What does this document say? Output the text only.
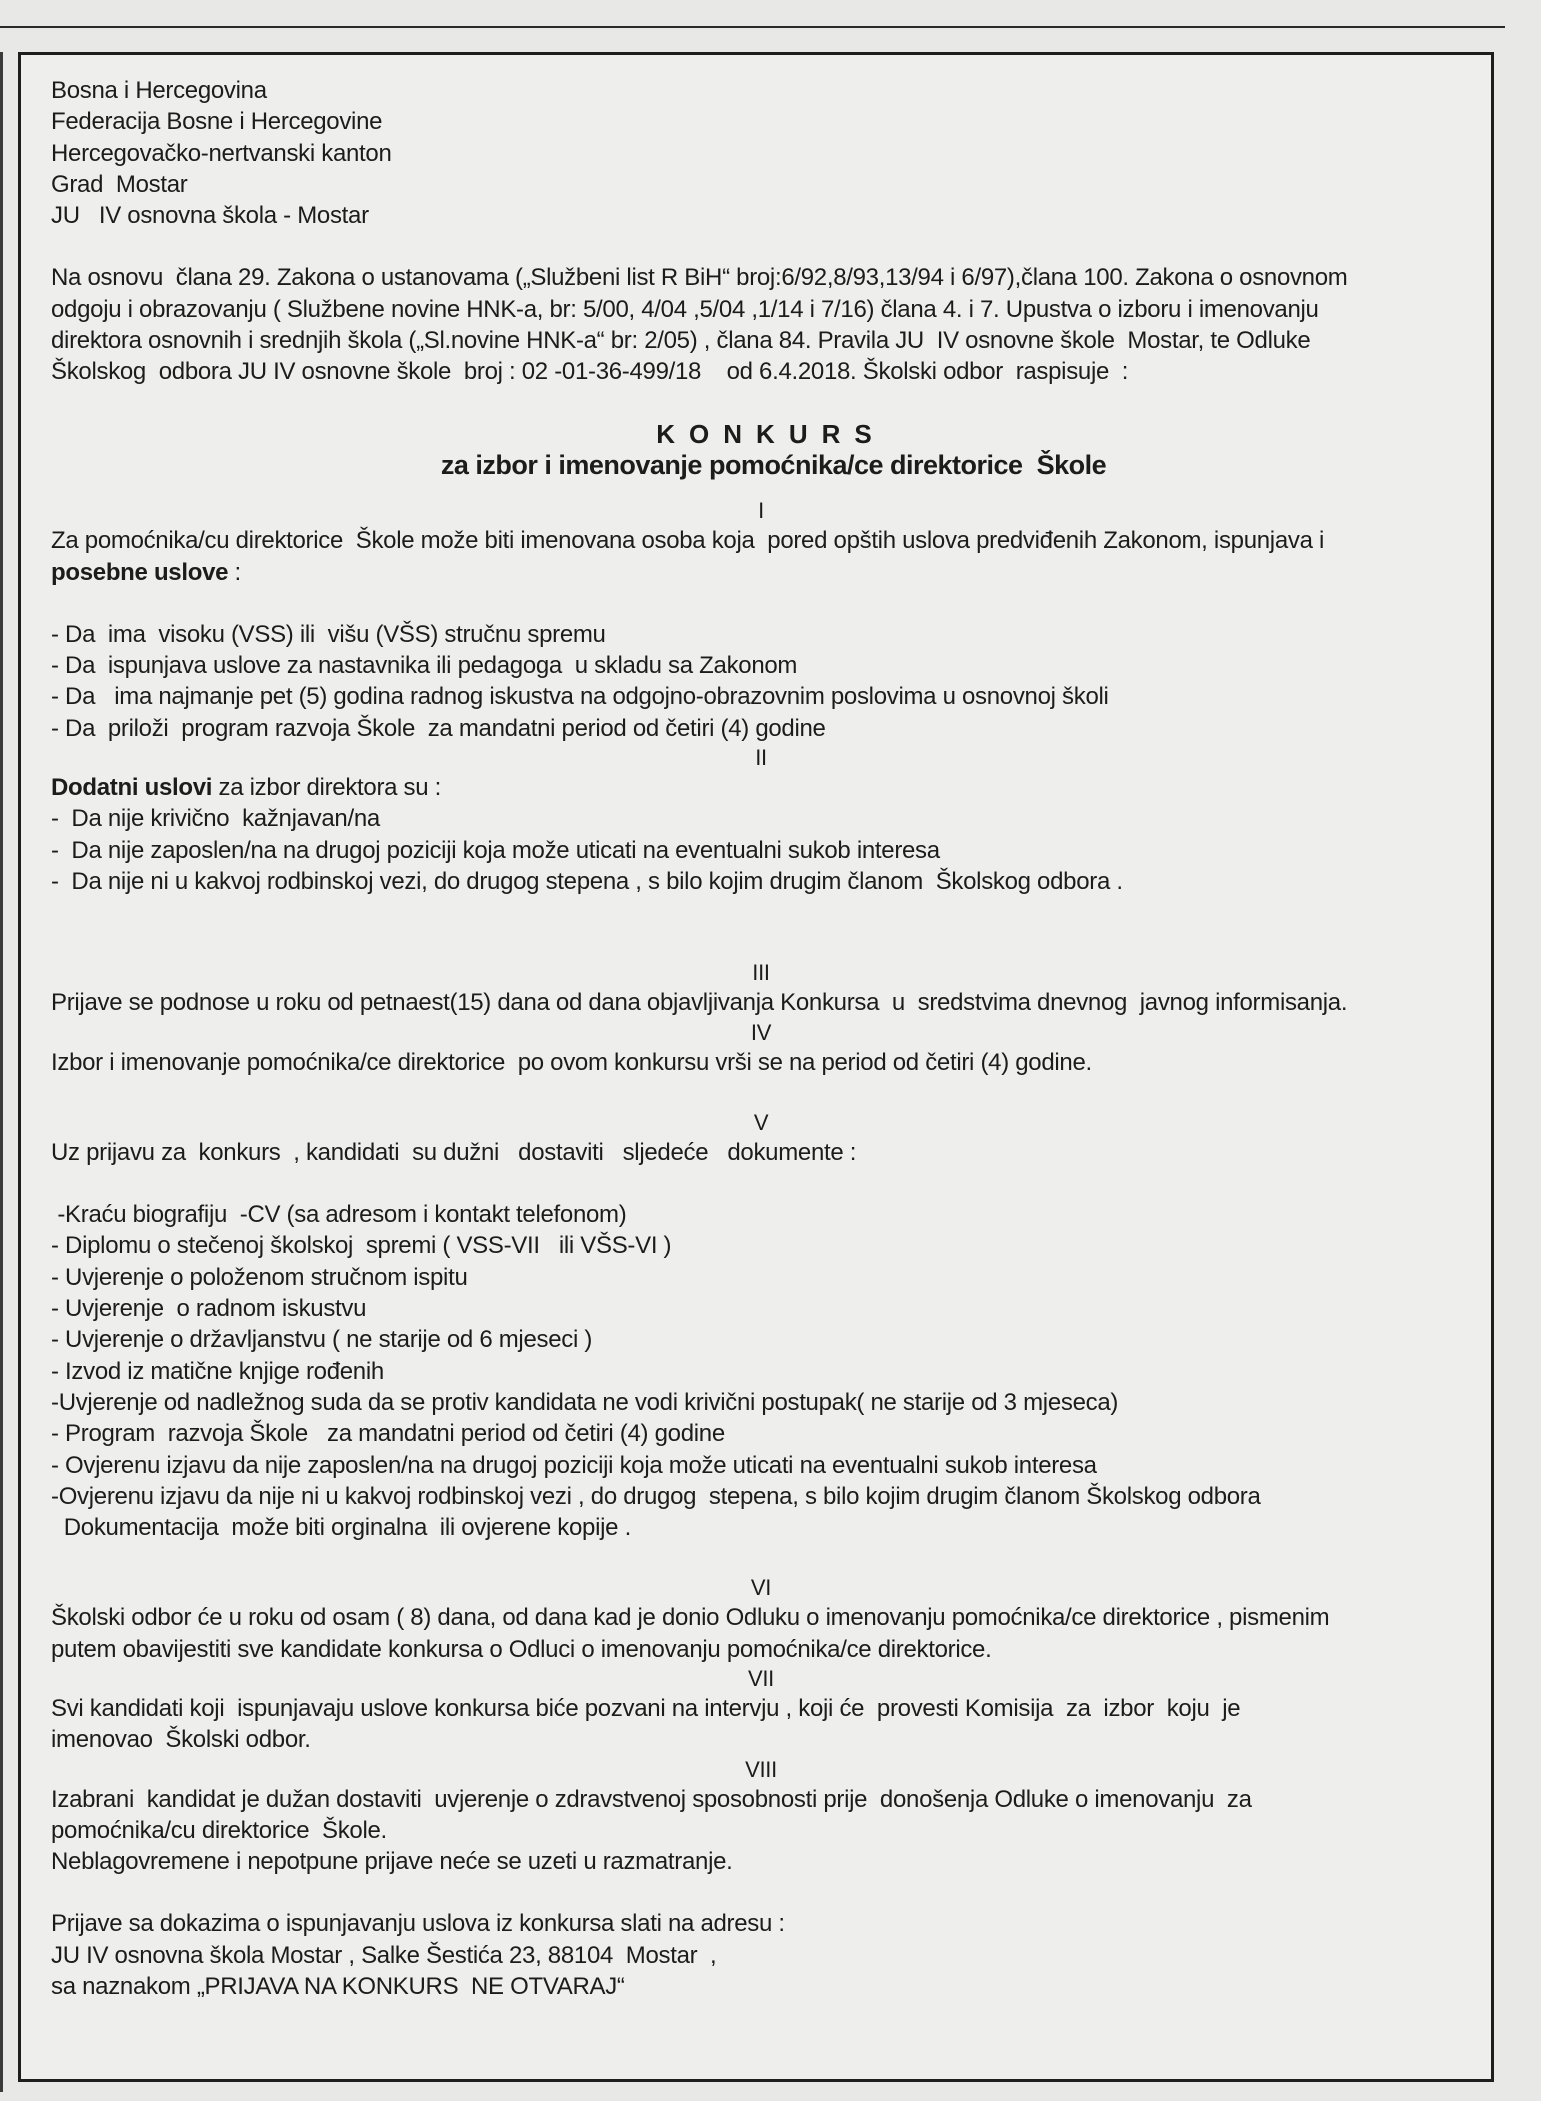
Bosna i Hercegovina

Federacija Bosne i Hercegovine

Hercegovačko-nertvanski kanton

Grad  Mostar

JU   IV osnovna škola - Mostar

Na osnovu  člana 29. Zakona o ustanovama („Službeni list R BiH“ broj:6/92,8/93,13/94 i 6/97),člana 100. Zakona o osnovnom

odgoju i obrazovanju ( Službene novine HNK-a, br: 5/00, 4/04 ,5/04 ,1/14 i 7/16) člana 4. i 7. Upustva o izboru i imenovanju

direktora osnovnih i srednjih škola („Sl.novine HNK-a“ br: 2/05) , člana 84. Pravila JU  IV osnovne škole  Mostar, te Odluke

Školskog  odbora JU IV osnovne škole  broj : 02 -01-36-499/18    od 6.4.2018. Školski odbor  raspisuje  :

KONKURS

za izbor i imenovanje pomoćnika/ce direktorice  Škole

I

Za pomoćnika/cu direktorice  Škole može biti imenovana osoba koja  pored opštih uslova predviđenih Zakonom, ispunjava i

posebne uslove :

- Da  ima  visoku (VSS) ili  višu (VŠS) stručnu spremu

- Da  ispunjava uslove za nastavnika ili pedagoga  u skladu sa Zakonom

- Da   ima najmanje pet (5) godina radnog iskustva na odgojno-obrazovnim poslovima u osnovnoj školi

- Da  priloži  program razvoja Škole  za mandatni period od četiri (4) godine

II

Dodatni uslovi za izbor direktora su :

-  Da nije krivično  kažnjavan/na

-  Da nije zaposlen/na na drugoj poziciji koja može uticati na eventualni sukob interesa

-  Da nije ni u kakvoj rodbinskoj vezi, do drugog stepena , s bilo kojim drugim članom  Školskog odbora .

III

Prijave se podnose u roku od petnaest(15) dana od dana objavljivanja Konkursa  u  sredstvima dnevnog  javnog informisanja.

IV

Izbor i imenovanje pomoćnika/ce direktorice  po ovom konkursu vrši se na period od četiri (4) godine.

V

Uz prijavu za  konkurs  , kandidati  su dužni   dostaviti   sljedeće   dokumente :

-Kraću biografiju  -CV (sa adresom i kontakt telefonom)

- Diplomu o stečenoj školskoj  spremi ( VSS-VII   ili VŠS-VI )

- Uvjerenje o položenom stručnom ispitu

- Uvjerenje  o radnom iskustvu

- Uvjerenje o državljanstvu ( ne starije od 6 mjeseci )

- Izvod iz matične knjige rođenih

-Uvjerenje od nadležnog suda da se protiv kandidata ne vodi krivični postupak( ne starije od 3 mjeseca)

- Program  razvoja Škole   za mandatni period od četiri (4) godine

- Ovjerenu izjavu da nije zaposlen/na na drugoj poziciji koja može uticati na eventualni sukob interesa

-Ovjerenu izjavu da nije ni u kakvoj rodbinskoj vezi , do drugog  stepena, s bilo kojim drugim članom Školskog odbora

Dokumentacija  može biti orginalna  ili ovjerene kopije .

VI

Školski odbor će u roku od osam ( 8) dana, od dana kad je donio Odluku o imenovanju pomoćnika/ce direktorice , pismenim

putem obavijestiti sve kandidate konkursa o Odluci o imenovanju pomoćnika/ce direktorice.

VII

Svi kandidati koji  ispunjavaju uslove konkursa biće pozvani na intervju , koji će  provesti Komisija  za  izbor  koju  je

imenovao  Školski odbor.

VIII

Izabrani  kandidat je dužan dostaviti  uvjerenje o zdravstvenoj sposobnosti prije  donošenja Odluke o imenovanju  za

pomoćnika/cu direktorice  Škole.

Neblagovremene i nepotpune prijave neće se uzeti u razmatranje.

Prijave sa dokazima o ispunjavanju uslova iz konkursa slati na adresu :

JU IV osnovna škola Mostar , Salke Šestića 23, 88104  Mostar  ,

sa naznakom „PRIJAVA NA KONKURS  NE OTVARAJ“
